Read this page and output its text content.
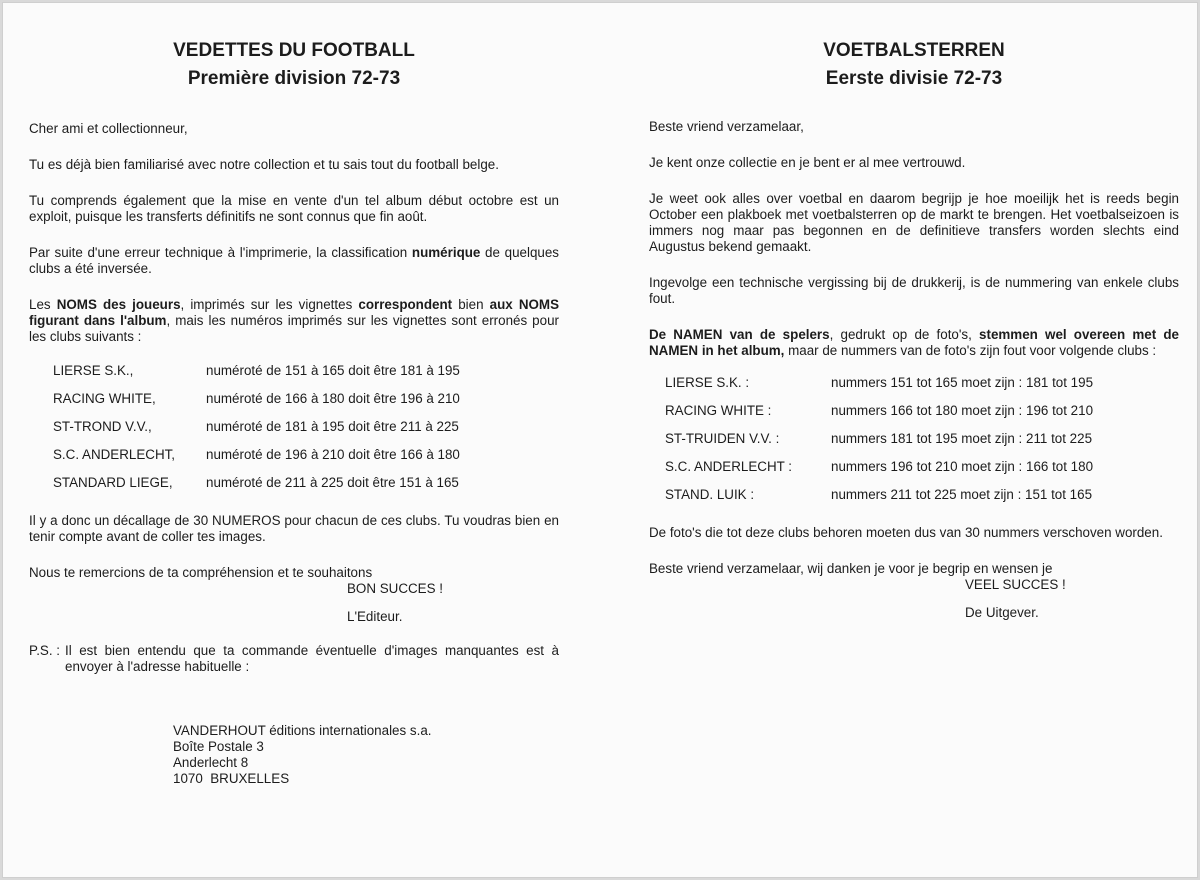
VEDETTES DU FOOTBALL
Première division 72-73

Cher ami et collectionneur,

Tu es déjà bien familiarisé avec notre collection et tu sais tout du football belge.

Tu comprends également que la mise en vente d'un tel album début octobre est un exploit, puisque les transferts définitifs ne sont connus que fin août.

Par suite d'une erreur technique à l'imprimerie, la classification numérique de quelques clubs a été inversée.

Les NOMS des joueurs, imprimés sur les vignettes correspondent bien aux NOMS figurant dans l'album, mais les numéros imprimés sur les vignettes sont erronés pour les clubs suivants :

LIERSE S.K.,	numéroté de 151 à 165 doit être 181 à 195
RACING WHITE,	numéroté de 166 à 180 doit être 196 à 210
ST-TROND V.V.,	numéroté de 181 à 195 doit être 211 à 225
S.C. ANDERLECHT,	numéroté de 196 à 210 doit être 166 à 180
STANDARD LIEGE,	numéroté de 211 à 225 doit être 151 à 165

Il y a donc un décallage de 30 NUMEROS pour chacun de ces clubs. Tu voudras bien en tenir compte avant de coller tes images.

Nous te remercions de ta compréhension et te souhaitons

BON SUCCES !
L'Editeur.
P.S. : Il est bien entendu que ta commande éventuelle d'images manquantes est à envoyer à l'adresse habituelle :

VANDERHOUT éditions internationales s.a.
Boîte Postale 3
Anderlecht 8
1070  BRUXELLES
VOETBALSTERREN
Eerste divisie 72-73

Beste vriend verzamelaar,

Je kent onze collectie en je bent er al mee vertrouwd.

Je weet ook alles over voetbal en daarom begrijp je hoe moeilijk het is reeds begin October een plakboek met voetbalsterren op de markt te brengen. Het voetbalseizoen is immers nog maar pas begonnen en de definitieve transfers worden slechts eind Augustus bekend gemaakt.

Ingevolge een technische vergissing bij de drukkerij, is de nummering van enkele clubs fout.

De NAMEN van de spelers, gedrukt op de foto's, stemmen wel overeen met de NAMEN in het album, maar de nummers van de foto's zijn fout voor volgende clubs :

LIERSE S.K. :	nummers 151 tot 165 moet zijn : 181 tot 195
RACING WHITE :	nummers 166 tot 180 moet zijn : 196 tot 210
ST-TRUIDEN V.V. :	nummers 181 tot 195 moet zijn : 211 tot 225
S.C. ANDERLECHT :	nummers 196 tot 210 moet zijn : 166 tot 180
STAND. LUIK :	nummers 211 tot 225 moet zijn : 151 tot 165

De foto's die tot deze clubs behoren moeten dus van 30 nummers verschoven worden.

Beste vriend verzamelaar, wij danken je voor je begrip en wensen je

VEEL SUCCES !
De Uitgever.
